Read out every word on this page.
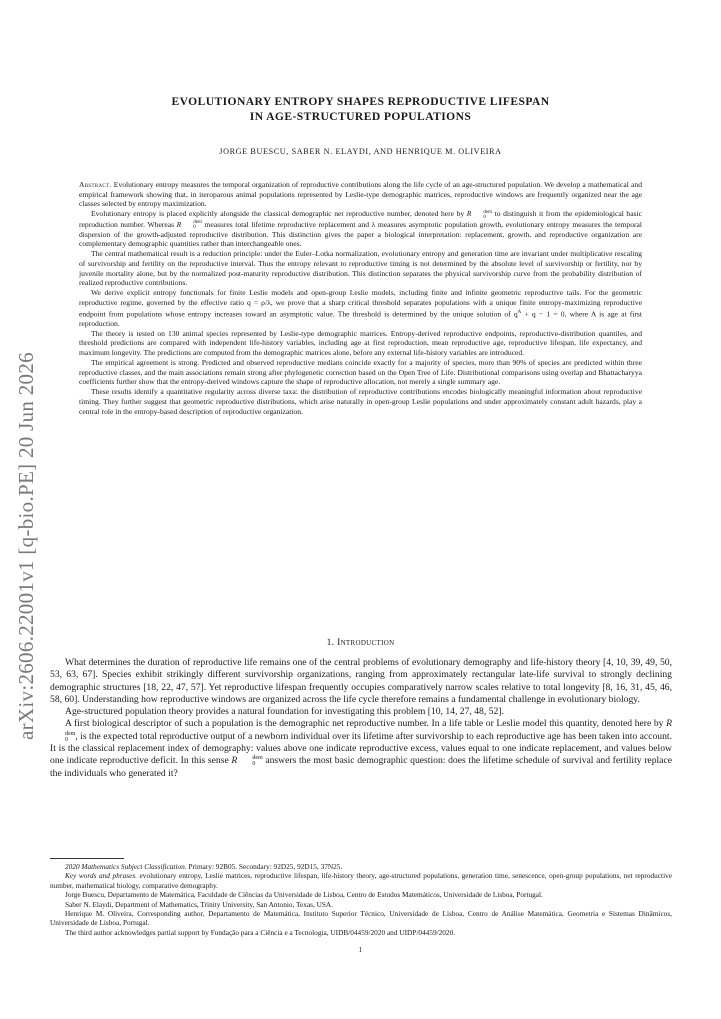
arXiv:2606.22001v1 [q-bio.PE] 20 Jun 2026
EVOLUTIONARY ENTROPY SHAPES REPRODUCTIVE LIFESPAN
IN AGE-STRUCTURED POPULATIONS
JORGE BUESCU, SABER N. ELAYDI, AND HENRIQUE M. OLIVEIRA

Abstract. Evolutionary entropy measures the temporal organization of reproductive contributions along the life cycle of an age-structured population. We develop a mathematical and empirical framework showing that, in iteroparous animal populations represented by Leslie-type demographic matrices, reproductive windows are frequently organized near the age classes selected by entropy maximization.

Evolutionary entropy is placed explicitly alongside the classical demographic net reproductive number, denoted here by R	dem
0 to distinguish it from the epidemiological basic reproduction number. Whereas R	dem
0 measures total lifetime reproductive replacement and λ measures asymptotic population growth, evolutionary entropy measures the temporal dispersion of the growth-adjusted reproductive distribution. This distinction gives the paper a biological interpretation: replacement, growth, and reproductive organization are complementary demographic quantities rather than interchangeable ones.

The central mathematical result is a reduction principle: under the Euler–Lotka normalization, evolutionary entropy and generation time are invariant under multiplicative rescaling of survivorship and fertility on the reproductive interval. Thus the entropy relevant to reproductive timing is not determined by the absolute level of survivorship or fertility, nor by juvenile mortality alone, but by the normalized post-maturity reproductive distribution. This distinction separates the physical survivorship curve from the probability distribution of realized reproductive contributions.

We derive explicit entropy functionals for finite Leslie models and open-group Leslie models, including finite and infinite geometric reproductive tails. For the geometric reproductive regime, governed by the effective ratio q = ρ/λ, we prove that a sharp critical threshold separates populations with a unique finite entropy-maximizing reproductive endpoint from populations whose entropy increases toward an asymptotic value. The threshold is determined by the unique solution of $q^A + q - 1 = 0$, where A is age at first reproduction.

The theory is tested on 130 animal species represented by Leslie-type demographic matrices. Entropy-derived reproductive endpoints, reproductive-distribution quantiles, and threshold predictions are compared with independent life-history variables, including age at first reproduction, mean reproductive age, reproductive lifespan, life expectancy, and maximum longevity. The predictions are computed from the demographic matrices alone, before any external life-history variables are introduced.

The empirical agreement is strong. Predicted and observed reproductive medians coincide exactly for a majority of species, more than 90% of species are predicted within three reproductive classes, and the main associations remain strong after phylogenetic correction based on the Open Tree of Life. Distributional comparisons using overlap and Bhattacharyya coefficients further show that the entropy-derived windows capture the shape of reproductive allocation, not merely a single summary age.

These results identify a quantitative regularity across diverse taxa: the distribution of reproductive contributions encodes biologically meaningful information about reproductive timing. They further suggest that geometric reproductive distributions, which arise naturally in open-group Leslie populations and under approximately constant adult hazards, play a central role in the entropy-based description of reproductive organization.

1. Introduction

What determines the duration of reproductive life remains one of the central problems of evolutionary demography and life-history theory [4, 10, 39, 49, 50, 53, 63, 67]. Species exhibit strikingly different survivorship organizations, ranging from approximately rectangular late-life survival to strongly declining demographic structures [18, 22, 47, 57]. Yet reproductive lifespan frequently occupies comparatively narrow scales relative to total longevity [8, 16, 31, 45, 46, 58, 60]. Understanding how reproductive windows are organized across the life cycle therefore remains a fundamental challenge in evolutionary biology.

Age-structured population theory provides a natural foundation for investigating this problem [10, 14, 27, 48, 52].

A first biological descriptor of such a population is the demographic net reproductive number. In a life table or Leslie model this quantity, denoted here by R
dem
0 , is the expected total reproductive output of a newborn individual over its lifetime after survivorship to each reproductive age has been taken into account. It is the classical replacement index of demography: values above one indicate reproductive excess, values equal to one indicate replacement, and values below one indicate reproductive deficit. In this sense R	dem
0 answers the most basic demographic question: does the lifetime schedule of survival and fertility replace the individuals who generated it?

2020 Mathematics Subject Classification. Primary: 92B05. Secondary: 92D25, 92D15, 37N25.

Key words and phrases. evolutionary entropy, Leslie matrices, reproductive lifespan, life-history theory, age-structured populations, generation time, senescence, open-group populations, net reproductive number, mathematical biology, comparative demography.

Jorge Buescu, Departamento de Matemática, Faculdade de Ciências da Universidade de Lisboa, Centro de Estudos Matemáticos, Universidade de Lisboa, Portugal.

Saber N. Elaydi, Department of Mathematics, Trinity University, San Antonio, Texas, USA.

Henrique M. Oliveira, Corresponding author, Departamento de Matemática, Instituto Superior Técnico, Universidade de Lisboa, Centro de Análise Matemática, Geometria e Sistemas Dinâmicos, Universidade de Lisboa, Portugal.

The third author acknowledges partial support by Fundação para a Ciência e a Tecnologia, UIDB/04459/2020 and UIDP/04459/2020.

1
